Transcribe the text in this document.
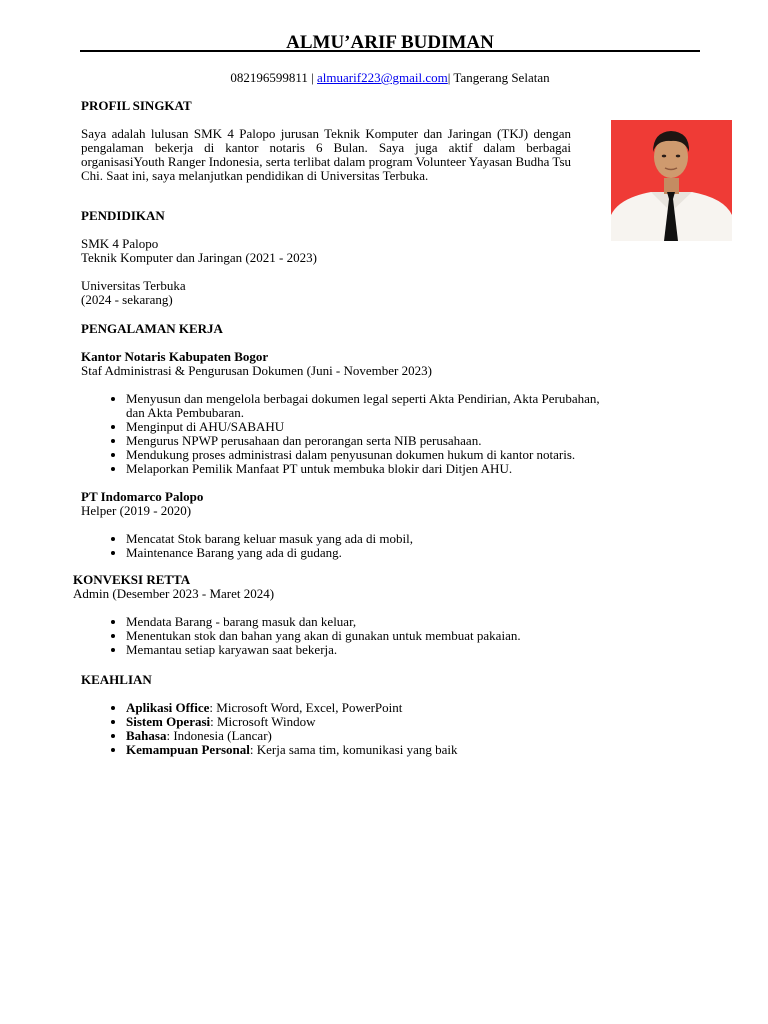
ALMU’ARIF BUDIMAN
082196599811 | almuarif223@gmail.com| Tangerang Selatan
PROFIL SINGKAT
Saya adalah lulusan SMK 4 Palopo jurusan Teknik Komputer dan Jaringan (TKJ) dengan pengalaman bekerja di kantor notaris 6 Bulan. Saya juga aktif dalam berbagai organisasiYouth Ranger Indonesia, serta terlibat dalam program Volunteer Yayasan Budha Tsu Chi. Saat ini, saya melanjutkan pendidikan di Universitas Terbuka.
PENDIDIKAN
SMK 4 Palopo
Teknik Komputer dan Jaringan (2021 - 2023)
Universitas Terbuka
(2024 - sekarang)
PENGALAMAN KERJA
Kantor Notaris Kabupaten Bogor
Staf Administrasi & Pengurusan Dokumen (Juni - November 2023)
• Menyusun dan mengelola berbagai dokumen legal seperti Akta Pendirian, Akta Perubahan, dan Akta Pembubaran.
• Menginput di AHU/SABAHU
• Mengurus NPWP perusahaan dan perorangan serta NIB perusahaan.
• Mendukung proses administrasi dalam penyusunan dokumen hukum di kantor notaris.
• Melaporkan Pemilik Manfaat PT untuk membuka blokir dari Ditjen AHU.
PT Indomarco Palopo
Helper (2019 - 2020)
• Mencatat Stok barang keluar masuk yang ada di mobil,
• Maintenance Barang yang ada di gudang.
KONVEKSI RETTA
Admin (Desember 2023 - Maret 2024)
• Mendata Barang - barang masuk dan keluar,
• Menentukan stok dan bahan yang akan di gunakan untuk membuat pakaian.
• Memantau setiap karyawan saat bekerja.
KEAHLIAN
• Aplikasi Office: Microsoft Word, Excel, PowerPoint
• Sistem Operasi: Microsoft Window
• Bahasa: Indonesia (Lancar)
• Kemampuan Personal: Kerja sama tim, komunikasi yang baik
